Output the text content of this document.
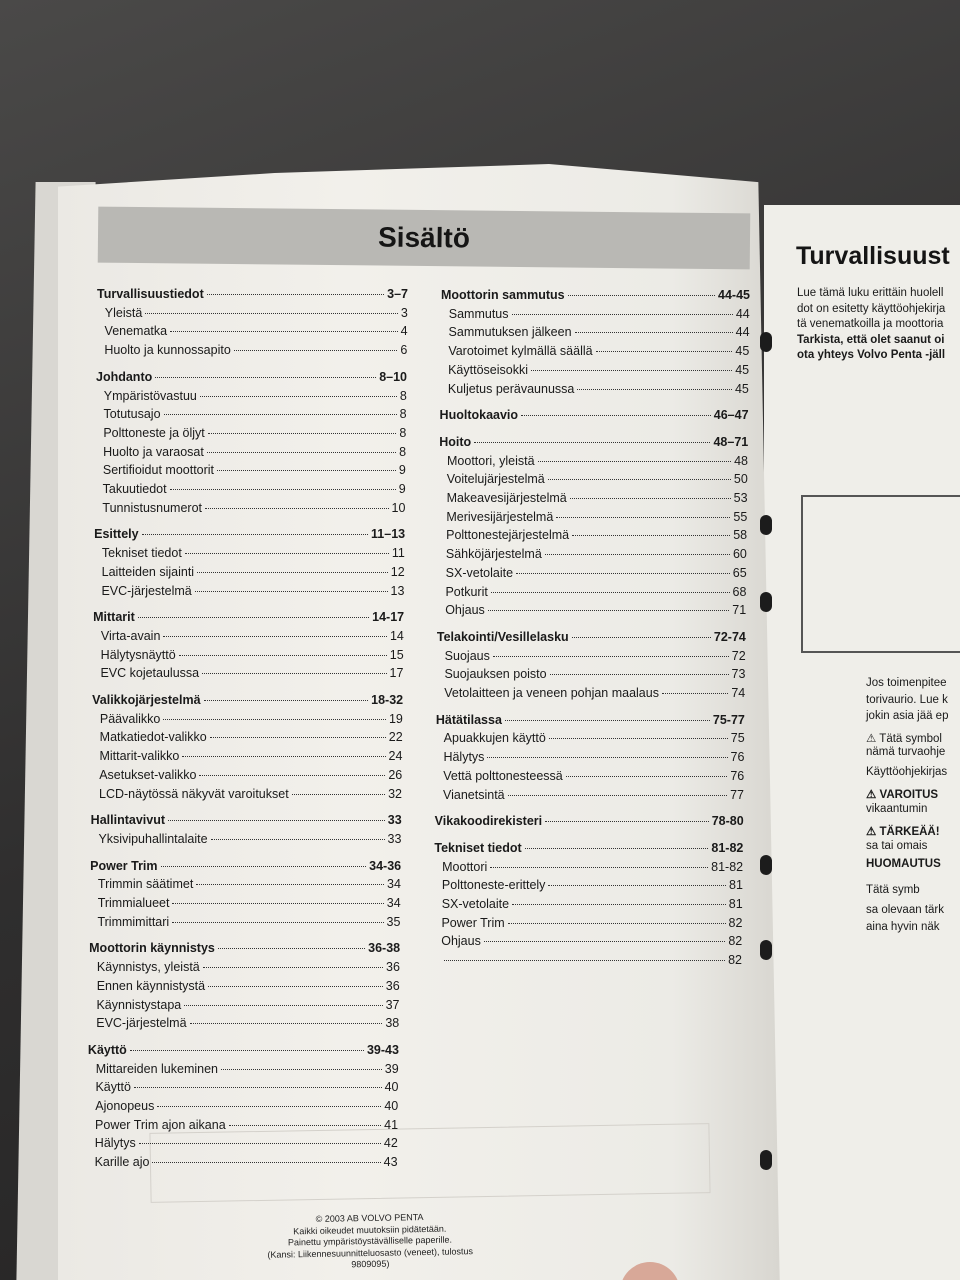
Sisältö
Turvallisuustiedot	3–7
Yleistä	3
Venematka	4
Huolto ja kunnossapito	6
Johdanto	8–10
Ympäristövastuu	8
Totutusajo	8
Polttoneste ja öljyt	8
Huolto ja varaosat	8
Sertifioidut moottorit	9
Takuutiedot	9
Tunnistusnumerot	10
Esittely	11–13
Tekniset tiedot	11
Laitteiden sijainti	12
EVC-järjestelmä	13
Mittarit	14-17
Virta-avain	14
Hälytysnäyttö	15
EVC kojetaulussa	17
Valikkojärjestelmä	18-32
Päävalikko	19
Matkatiedot-valikko	22
Mittarit-valikko	24
Asetukset-valikko	26
LCD-näytössä näkyvät varoitukset	32
Hallintavivut	33
Yksivipuhallintalaite	33
Power Trim	34-36
Trimmin säätimet	34
Trimmialueet	34
Trimmimittari	35
Moottorin käynnistys	36-38
Käynnistys, yleistä	36
Ennen käynnistystä	36
Käynnistystapa	37
EVC-järjestelmä	38
Käyttö	39-43
Mittareiden lukeminen	39
Käyttö	40
Ajonopeus	40
Power Trim ajon aikana	41
Hälytys	42
Karille ajo	43
Moottorin sammutus	44-45
Sammutus	44
Sammutuksen jälkeen	44
Varotoimet kylmällä säällä	45
Käyttöseisokki	45
Kuljetus perävaunussa	45
Huoltokaavio	46–47
Hoito	48–71
Moottori, yleistä	48
Voitelujärjestelmä	50
Makeavesijärjestelmä	53
Merivesijärjestelmä	55
Polttonestejärjestelmä	58
Sähköjärjestelmä	60
SX-vetolaite	65
Potkurit	68
Ohjaus	71
Telakointi/Vesillelasku	72-74
Suojaus	72
Suojauksen poisto	73
Vetolaitteen ja veneen pohjan maalaus	74
Hätätilassa	75-77
Apuakkujen käyttö	75
Hälytys	76
Vettä polttonesteessä	76
Vianetsintä	77
Vikakoodirekisteri	78-80
Tekniset tiedot	81-82
Moottori	81-82
Polttoneste-erittely	81
SX-vetolaite	81
Power Trim	82
Ohjaus	82
82
© 2003 AB VOLVO PENTA
Kaikki oikeudet muutoksiin pidätetään.
Painettu ympäristöystävälliselle paperille.
(Kansi: Liikennesuunnitteluosasto (veneet), tulostus 9809095)
Turvallisuust
Lue tämä luku erittäin huolell
dot on esitetty käyttöohjekirja
tä venematkoilla ja moottoria
Tarkista, että olet saanut oi
ota yhteys Volvo Penta -jäll
Jos toimenpitee
torivaurio. Lue k
jokin asia jää ep
⚠ Tätä symbol
nämä turvaohje
Käyttöohjekirjas
⚠ VAROITUS
vikaantumin
⚠ TÄRKEÄÄ!
sa tai omais
HUOMAUTUS
Tätä symb
sa olevaan tärk
aina hyvin näk
